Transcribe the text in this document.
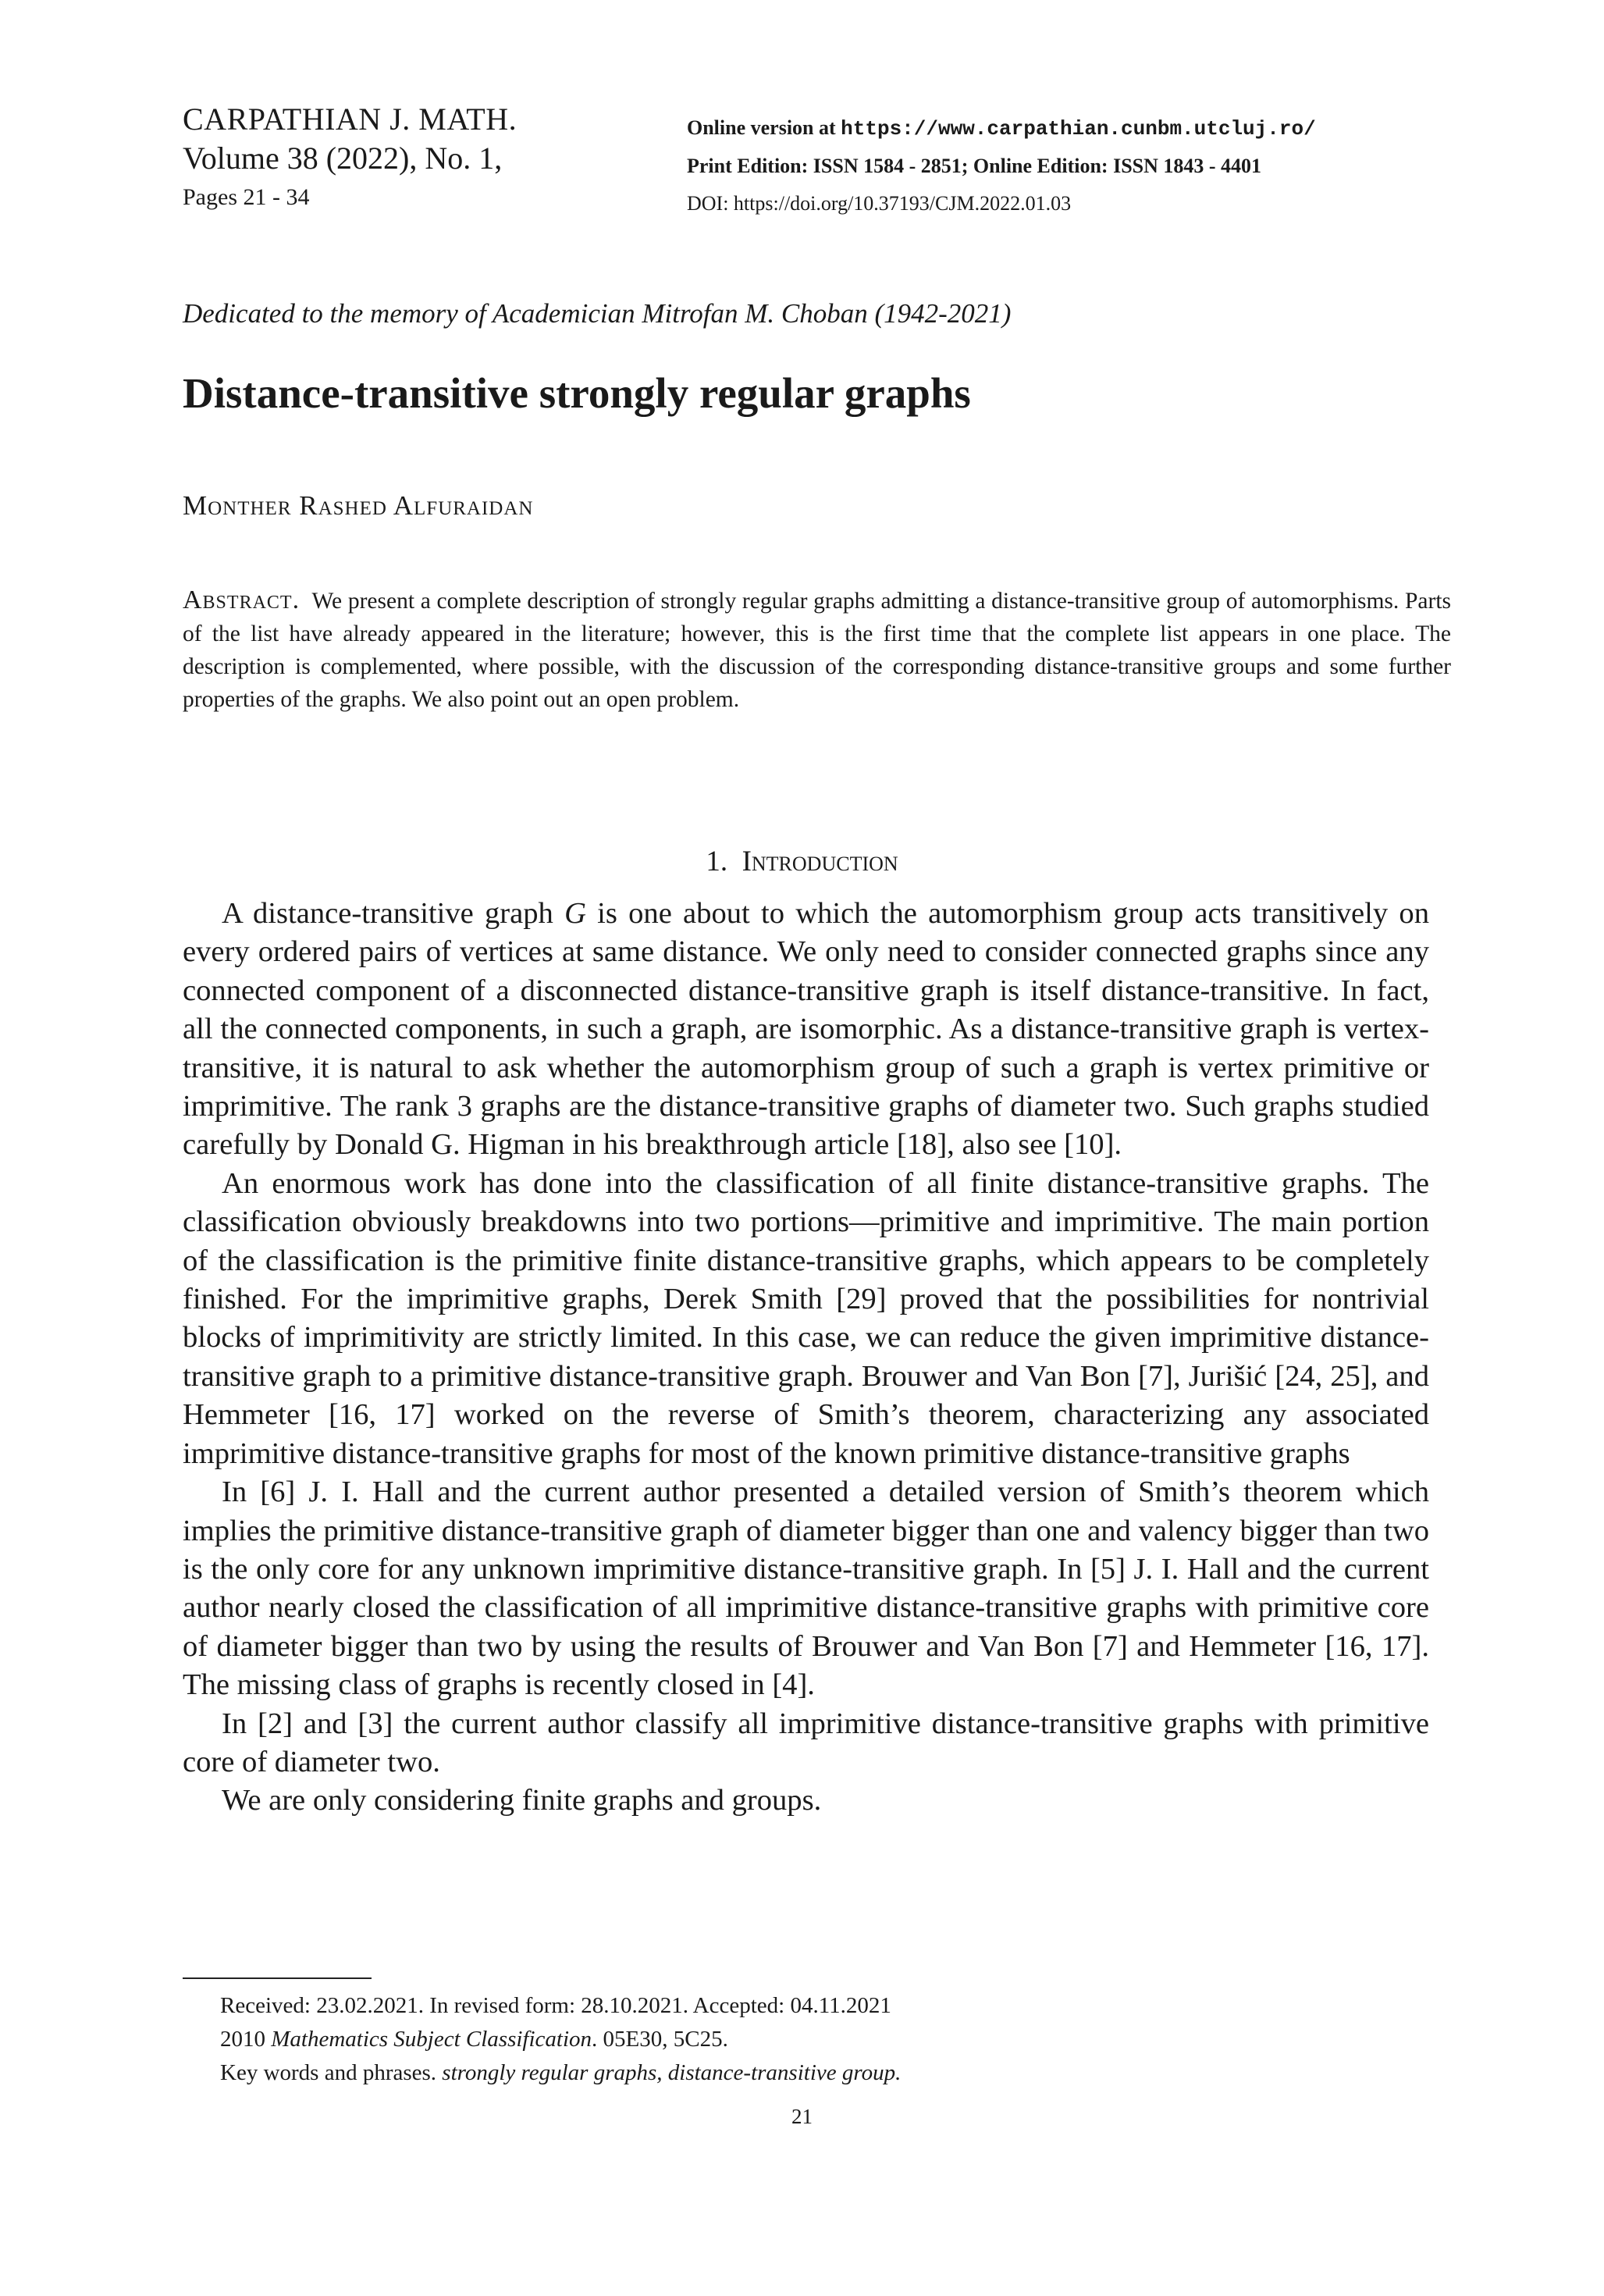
CARPATHIAN J. MATH.
Volume 38 (2022), No. 1,
Pages 21 - 34
Online version at https://www.carpathian.cunbm.utcluj.ro/
Print Edition: ISSN 1584 - 2851; Online Edition: ISSN 1843 - 4401
DOI: https://doi.org/10.37193/CJM.2022.01.03
Dedicated to the memory of Academician Mitrofan M. Choban (1942-2021)
Distance-transitive strongly regular graphs
Monther Rashed Alfuraidan

Abstract. We present a complete description of strongly regular graphs admitting a distance-transitive group of automorphisms. Parts of the list have already appeared in the literature; however, this is the first time that the complete list appears in one place. The description is complemented, where possible, with the discussion of the corresponding distance-transitive groups and some further properties of the graphs. We also point out an open problem.

1. Introduction

A distance-transitive graph G is one about to which the automorphism group acts transitively on every ordered pairs of vertices at same distance. We only need to consider connected graphs since any connected component of a disconnected distance-transitive graph is itself distance-transitive. In fact, all the connected components, in such a graph, are isomorphic. As a distance-transitive graph is vertex-transitive, it is natural to ask whether the automorphism group of such a graph is vertex primitive or imprimitive. The rank 3 graphs are the distance-transitive graphs of diameter two. Such graphs studied carefully by Donald G. Higman in his breakthrough article [18], also see [10].

An enormous work has done into the classification of all finite distance-transitive graphs. The classification obviously breakdowns into two portions—primitive and imprimitive. The main portion of the classification is the primitive finite distance-transitive graphs, which appears to be completely finished. For the imprimitive graphs, Derek Smith [29] proved that the possibilities for nontrivial blocks of imprimitivity are strictly limited. In this case, we can reduce the given imprimitive distance-transitive graph to a primitive distance-transitive graph. Brouwer and Van Bon [7], Jurišić [24, 25], and Hemmeter [16, 17] worked on the reverse of Smith’s theorem, characterizing any associated imprimitive distance-transitive graphs for most of the known primitive distance-transitive graphs

In [6] J. I. Hall and the current author presented a detailed version of Smith’s theorem which implies the primitive distance-transitive graph of diameter bigger than one and valency bigger than two is the only core for any unknown imprimitive distance-transitive graph. In [5] J. I. Hall and the current author nearly closed the classification of all imprimitive distance-transitive graphs with primitive core of diameter bigger than two by using the results of Brouwer and Van Bon [7] and Hemmeter [16, 17]. The missing class of graphs is recently closed in [4].

In [2] and [3] the current author classify all imprimitive distance-transitive graphs with primitive core of diameter two.

We are only considering finite graphs and groups.

Received: 23.02.2021. In revised form: 28.10.2021. Accepted: 04.11.2021
2010 Mathematics Subject Classification. 05E30, 5C25.
Key words and phrases. strongly regular graphs, distance-transitive group.
21
